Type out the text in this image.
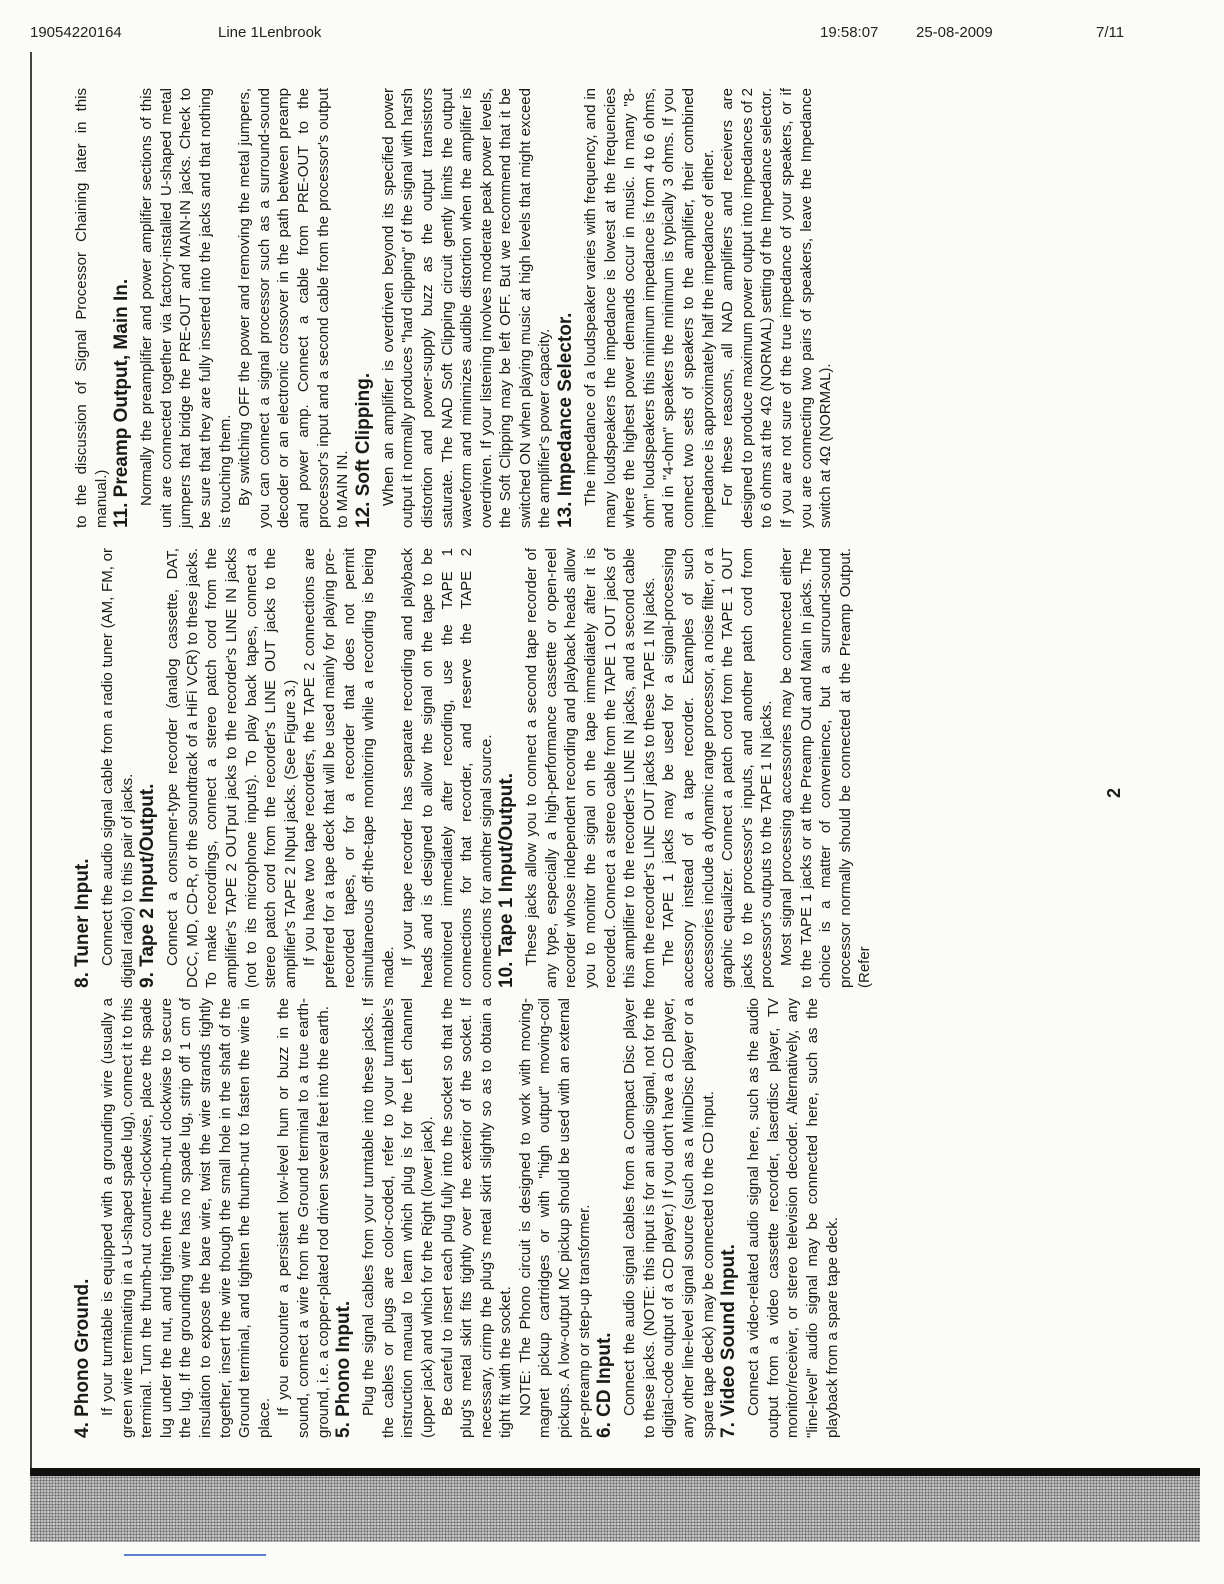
19054220164	Line 1Lenbrook	19:58:07	25-08-2009	7/11
4. Phono Ground. If your turntable is equipped with a grounding wire (usually a green wire terminating in a U-shaped spade lug), connect it to this terminal. Turn the thumb-nut counter-clockwise, place the spade lug under the nut, and tighten the thumb-nut clockwise to secure the lug. If the grounding wire has no spade lug, strip off 1 cm of insulation to expose the bare wire, twist the wire strands tightly together, insert the wire though the small hole in the shaft of the Ground terminal, and tighten the thumb-nut to fasten the wire in place.

If you encounter a persistent low-level hum or buzz in the sound, connect a wire from the Ground terminal to a true earth-ground, i.e. a copper-plated rod driven several feet into the earth. 5. Phono Input. Plug the signal cables from your turntable into these jacks. If the cables or plugs are color-coded, refer to your turntable's instruction manual to learn which plug is for the Left channel (upper jack) and which for the Right (lower jack). Be careful to insert each plug fully into the socket so that the plug's metal skirt fits tightly over the exterior of the socket. If necessary, crimp the plug's metal skirt slightly so as to obtain a tight fit with the socket. NOTE: The Phono circuit is designed to work with moving-magnet pickup cartridges or with "high output" moving-coil pickups. A low-output MC pickup should be used with an external pre-preamp or step-up transformer. 6. CD Input. Connect the audio signal cables from a Compact Disc player to these jacks. (NOTE: this input is for an audio signal, not for the digital-code output of a CD player.) If you don't have a CD player, any other line-level signal source (such as a MiniDisc player or a spare tape deck) may be connected to the CD input. 7. Video Sound Input. Connect a video-related audio signal here, such as the audio output from a video cassette recorder, laserdisc player, TV monitor/receiver, or stereo television decoder. Alternatively, any "line-level" audio signal may be connected here, such as the playback from a spare tape deck.

8. Tuner Input. Connect the audio signal cable from a radio tuner (AM, FM, or digital radio) to this pair of jacks. 9. Tape 2 Input/Output. Connect a consumer-type recorder (analog cassette, DAT, DCC, MD, CD-R, or the soundtrack of a HiFi VCR) to these jacks. To make recordings, connect a stereo patch cord from the amplifier's TAPE 2 OUTput jacks to the recorder's LINE IN jacks (not to its microphone inputs). To play back tapes, connect a stereo patch cord from the recorder's LINE OUT jacks to the amplifier's TAPE 2 INput jacks. (See Figure 3.) If you have two tape recorders, the TAPE 2 connections are preferred for a tape deck that will be used mainly for playing pre-recorded tapes, or for a recorder that does not permit simultaneous off-the-tape monitoring while a recording is being made.

If your tape recorder has separate recording and playback heads and is designed to allow the signal on the tape to be monitored immediately after recording, use the TAPE 1 connections for that recorder, and reserve the TAPE 2 connections for another signal source. 10. Tape 1 Input/Output. These jacks allow you to connect a second tape recorder of any type, especially a high-performance cassette or open-reel recorder whose independent recording and playback heads allow you to monitor the signal on the tape immediately after it is recorded. Connect a stereo cable from the TAPE 1 OUT jacks of this amplifier to the recorder's LINE IN jacks, and a second cable from the recorder's LINE OUT jacks to these TAPE 1 IN jacks. The TAPE 1 jacks may be used for a signal-processing accessory instead of a tape recorder. Examples of such accessories include a dynamic range processor, a noise filter, or a graphic equalizer. Connect a patch cord from the TAPE 1 OUT jacks to the processor's inputs, and another patch cord from processor's outputs to the TAPE 1 IN jacks. Most signal processing accessories may be connected either to the TAPE 1 jacks or at the Preamp Out and Main In jacks. The choice is a matter of convenience, but a surround-sound processor normally should be connected at the Preamp Output. (Refer

to the discussion of Signal Processor Chaining later in this manual.) 11. Preamp Output, Main In. Normally the preamplifier and power amplifier sections of this unit are connected together via factory-installed U-shaped metal jumpers that bridge the PRE-OUT and MAIN-IN jacks. Check to be sure that they are fully inserted into the jacks and that nothing is touching them. By switching OFF the power and removing the metal jumpers, you can connect a signal processor such as a surround-sound decoder or an electronic crossover in the path between preamp and power amp. Connect a cable from PRE-OUT to the processor's input and a second cable from the processor's output to MAIN IN. 12. Soft Clipping. When an amplifier is overdriven beyond its specified power output it normally produces "hard clipping" of the signal with harsh distortion and power-supply buzz as the output transistors saturate. The NAD Soft Clipping circuit gently limits the output waveform and minimizes audible distortion when the amplifier is overdriven. If your listening involves moderate peak power levels, the Soft Clipping may be left OFF. But we recommend that it be switched ON when playing music at high levels that might exceed the amplifier's power capacity. 13. Impedance Selector. The impedance of a loudspeaker varies with frequency, and in many loudspeakers the impedance is lowest at the frequencies where the highest power demands occur in music. In many "8-ohm" loudspeakers this minimum impedance is from 4 to 6 ohms, and in "4-ohm" speakers the minimum is typically 3 ohms. If you connect two sets of speakers to the amplifier, their combined impedance is approximately half the impedance of either. For these reasons, all NAD amplifiers and receivers are designed to produce maximum power output into impedances of 2 to 6 ohms at the 4Ω (NORMAL) setting of the Impedance selector. If you are not sure of the true impedance of your speakers, or if you are connecting two pairs of speakers, leave the Impedance switch at 4Ω (NORMAL).

2
